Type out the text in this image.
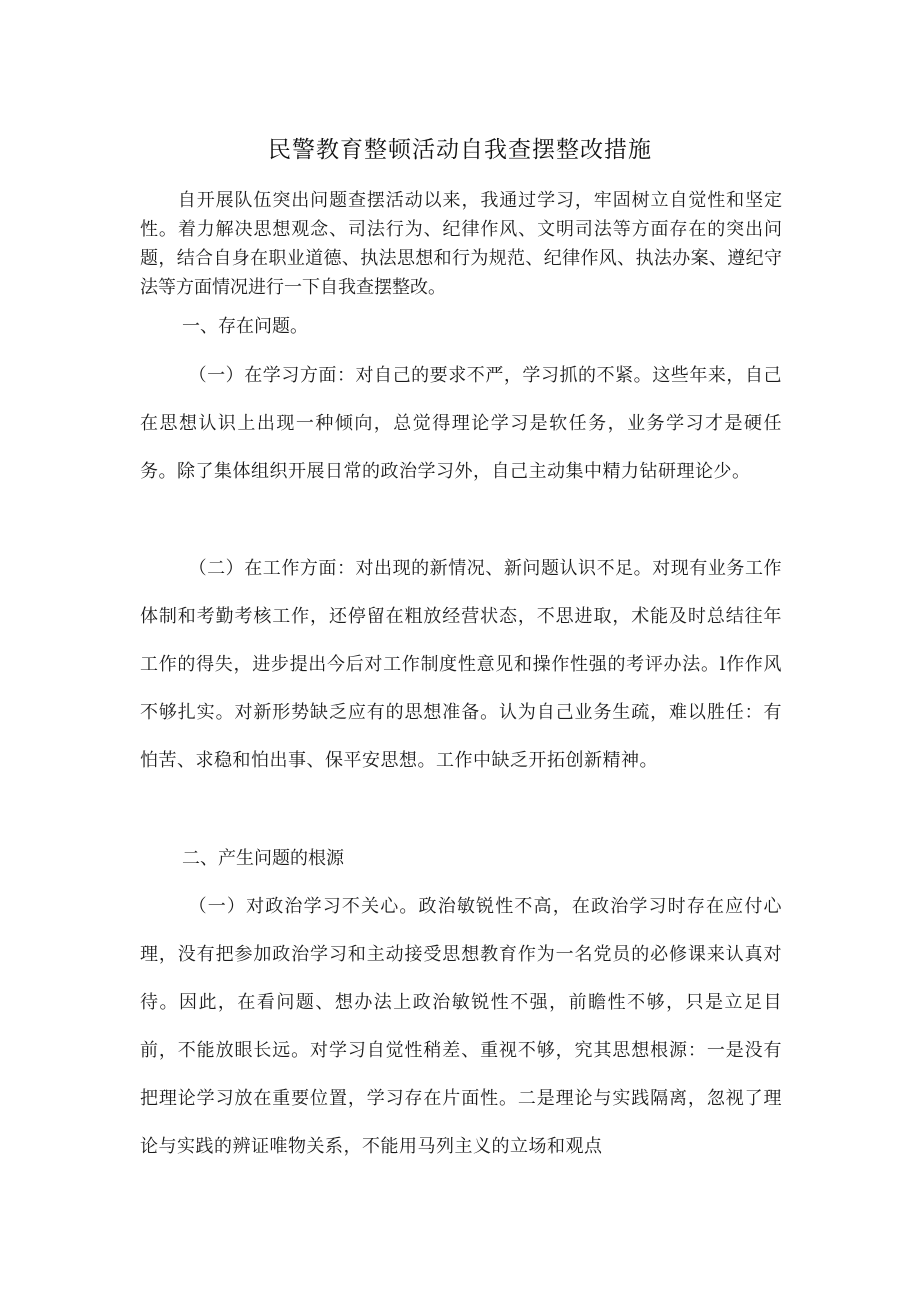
民警教育整顿活动自我查摆整改措施

自开展队伍突出问题查摆活动以来，我通过学习，牢固树立自觉性和坚定性。着力解决思想观念、司法行为、纪律作风、文明司法等方面存在的突出问题，结合自身在职业道德、执法思想和行为规范、纪律作风、执法办案、遵纪守法等方面情况进行一下自我查摆整改。

一、存在问题。

（一）在学习方面：对自己的要求不严，学习抓的不紧。这些年来，自己在思想认识上出现一种倾向，总觉得理论学习是软任务，业务学习才是硬任务。除了集体组织开展日常的政治学习外，自己主动集中精力钻研理论少。

（二）在工作方面：对出现的新情况、新问题认识不足。对现有业务工作体制和考勤考核工作，还停留在粗放经营状态，不思进取，术能及时总结往年工作的得失，进步提出今后对工作制度性意见和操作性强的考评办法。l作作风不够扎实。对新形势缺乏应有的思想准备。认为自己业务生疏，难以胜任：有怕苦、求稳和怕出事、保平安思想。工作中缺乏开拓创新精神。

二、产生问题的根源

（一）对政治学习不关心。政治敏锐性不高，在政治学习时存在应付心理，没有把参加政治学习和主动接受思想教育作为一名党员的必修课来认真对待。因此，在看问题、想办法上政治敏锐性不强，前瞻性不够，只是立足目前，不能放眼长远。对学习自觉性稍差、重视不够，究其思想根源：一是没有把理论学习放在重要位置，学习存在片面性。二是理论与实践隔离，忽视了理论与实践的辨证唯物关系，不能用马列主义的立场和观点
